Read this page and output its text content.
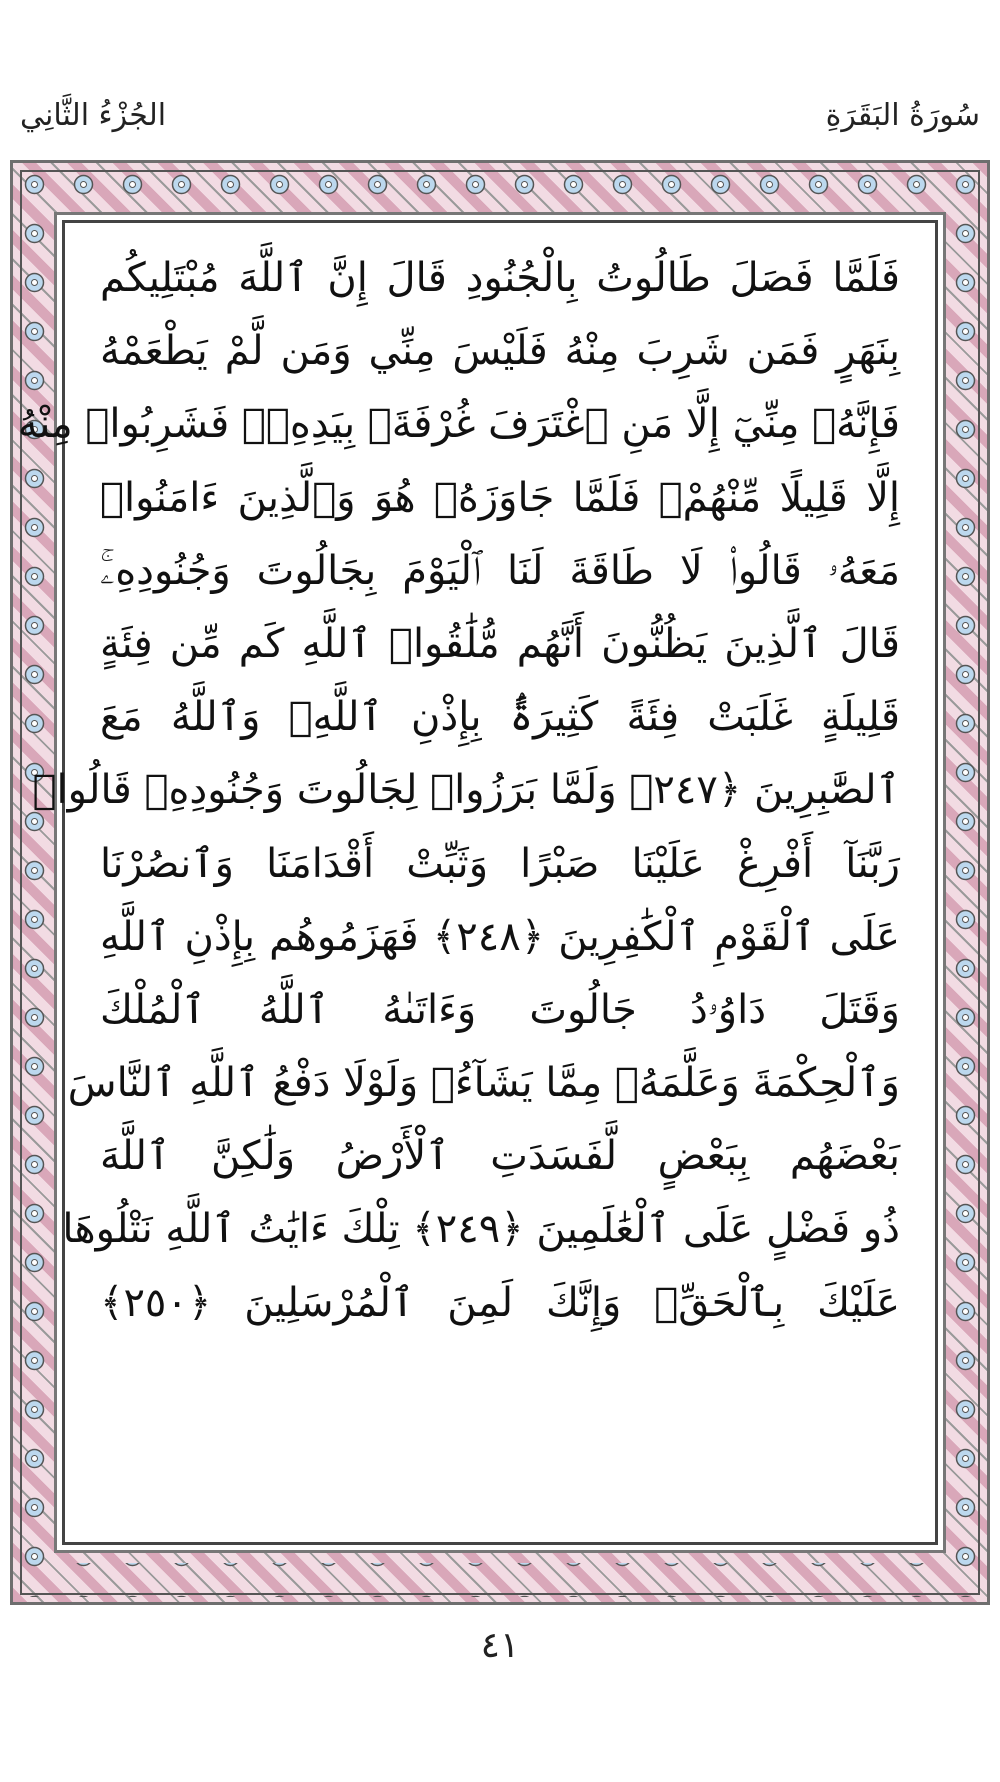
سُورَةُ البَقَرَةِ
الجُزْءُ الثَّانِي
فَلَمَّا فَصَلَ طَالُوتُ بِالْجُنُودِ قَالَ إِنَّ ٱللَّهَ مُبْتَلِيكُم
بِنَهَرٍ فَمَن شَرِبَ مِنْهُ فَلَيْسَ مِنِّي وَمَن لَّمْ يَطْعَمْهُ
فَإِنَّهُۥ مِنِّيٓ إِلَّا مَنِ ٱغْتَرَفَ غُرْفَةَۢ بِيَدِهِۦۚ فَشَرِبُوا۟ مِنْهُ
إِلَّا قَلِيلًا مِّنْهُمْۚ فَلَمَّا جَاوَزَهُۥ هُوَ وَٱلَّذِينَ ءَامَنُوا۟
مَعَهُۥ قَالُوا۟ لَا طَاقَةَ لَنَا ٱلْيَوْمَ بِجَالُوتَ وَجُنُودِهِۦۚ
قَالَ ٱلَّذِينَ يَظُنُّونَ أَنَّهُم مُّلَٰقُوا۟ ٱللَّهِ كَم مِّن فِئَةٍ
قَلِيلَةٍ غَلَبَتْ فِئَةً كَثِيرَةًۢ بِإِذْنِ ٱللَّهِۗ وَٱللَّهُ مَعَ
ٱلصَّٰبِرِينَ ﴿٢٤٧﴾ وَلَمَّا بَرَزُوا۟ لِجَالُوتَ وَجُنُودِهِۦ قَالُوا۟
رَبَّنَآ أَفْرِغْ عَلَيْنَا صَبْرًا وَثَبِّتْ أَقْدَامَنَا وَٱنصُرْنَا
عَلَى ٱلْقَوْمِ ٱلْكَٰفِرِينَ ﴿٢٤٨﴾ فَهَزَمُوهُم بِإِذْنِ ٱللَّهِ
وَقَتَلَ دَاوُۥدُ جَالُوتَ وَءَاتَىٰهُ ٱللَّهُ ٱلْمُلْكَ
وَٱلْحِكْمَةَ وَعَلَّمَهُۥ مِمَّا يَشَآءُۗ وَلَوْلَا دَفْعُ ٱللَّهِ ٱلنَّاسَ
بَعْضَهُم بِبَعْضٍ لَّفَسَدَتِ ٱلْأَرْضُ وَلَٰكِنَّ ٱللَّهَ
ذُو فَضْلٍ عَلَى ٱلْعَٰلَمِينَ ﴿٢٤٩﴾ تِلْكَ ءَايَٰتُ ٱللَّهِ نَتْلُوهَا
عَلَيْكَ بِٱلْحَقِّۚ وَإِنَّكَ لَمِنَ ٱلْمُرْسَلِينَ ﴿٢٥٠﴾
٤١
